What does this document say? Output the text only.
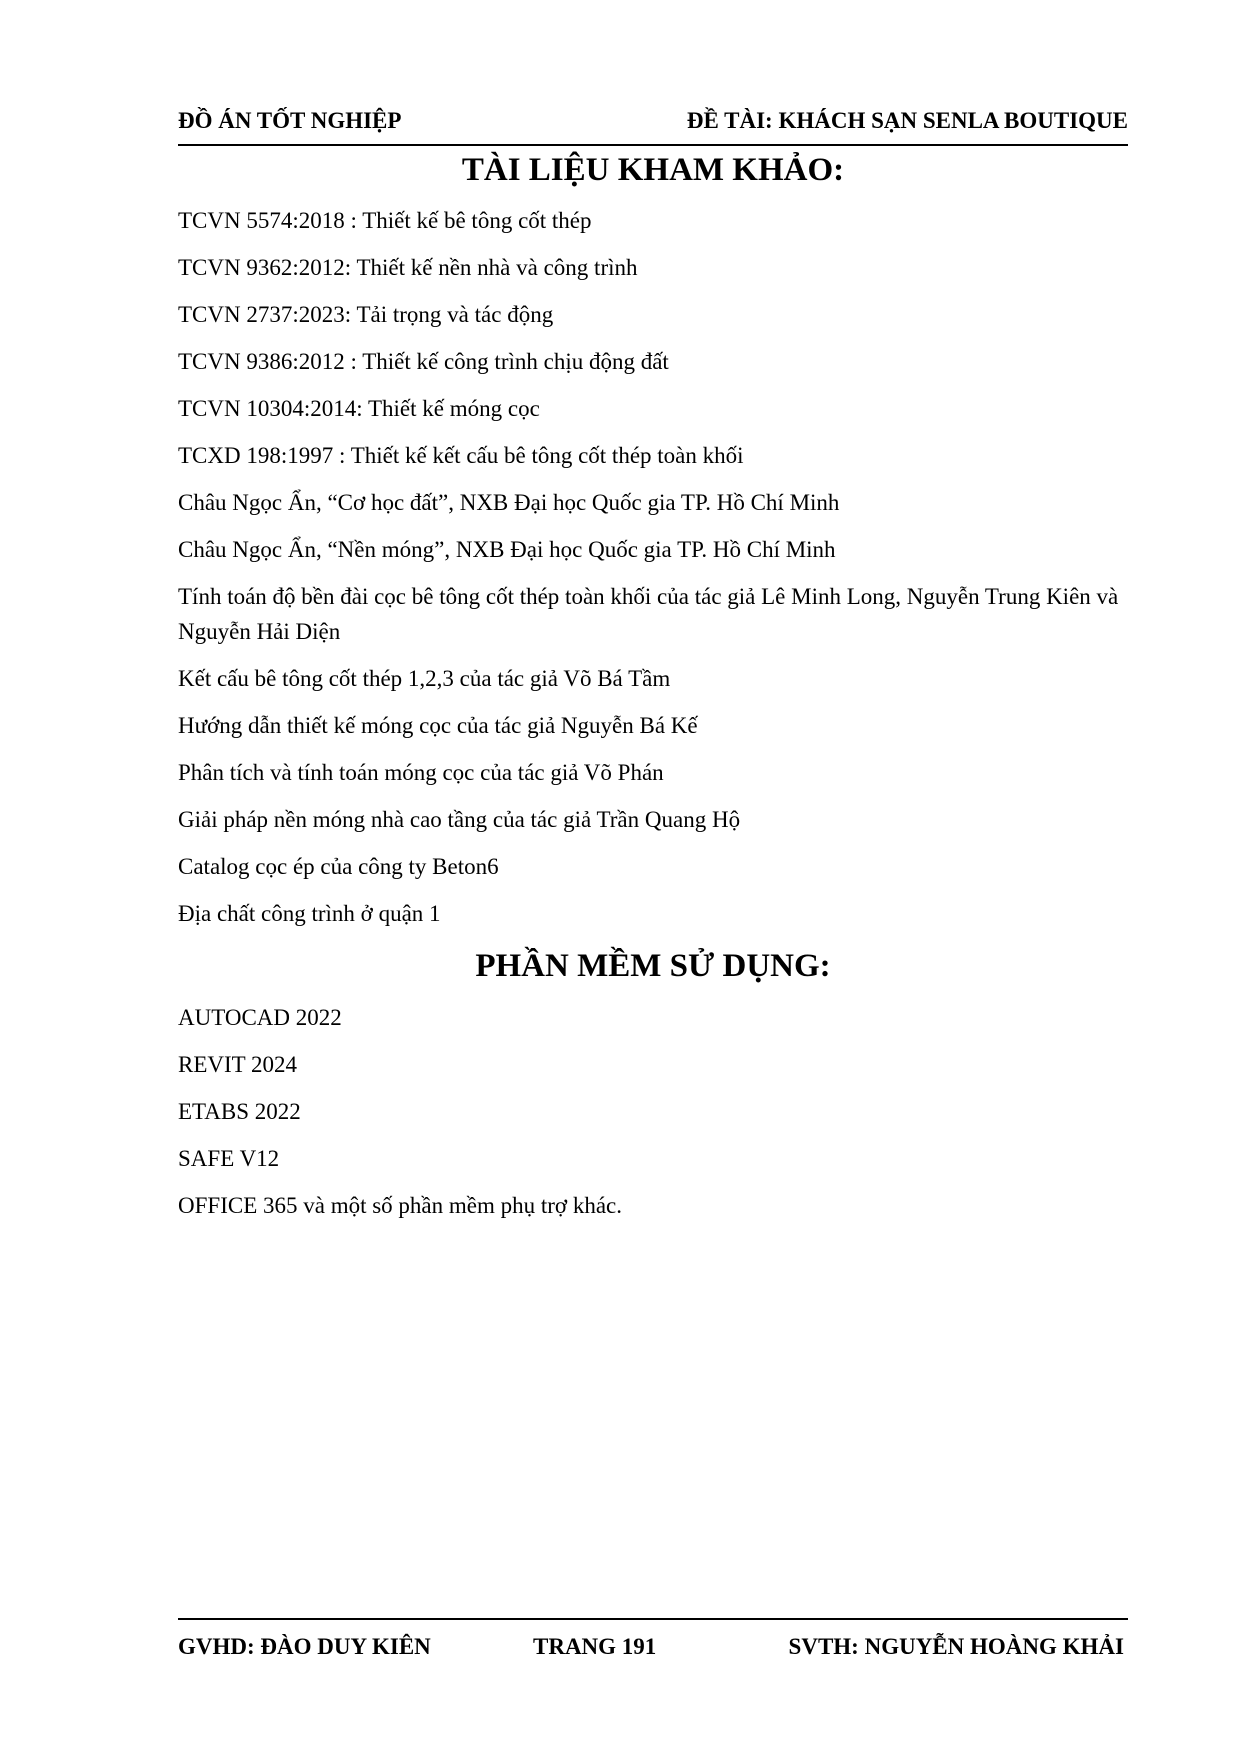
ĐỒ ÁN TỐT NGHIỆP	ĐỀ TÀI: KHÁCH SẠN SENLA BOUTIQUE
TÀI LIỆU KHAM KHẢO:
TCVN 5574:2018 : Thiết kế bê tông cốt thép
TCVN 9362:2012: Thiết kế nền nhà và công trình
TCVN 2737:2023: Tải trọng và tác động
TCVN 9386:2012 : Thiết kế công trình chịu động đất
TCVN 10304:2014: Thiết kế móng cọc
TCXD 198:1997 : Thiết kế kết cấu bê tông cốt thép toàn khối
Châu Ngọc Ẩn, “Cơ học đất”, NXB Đại học Quốc gia TP. Hồ Chí Minh
Châu Ngọc Ẩn, “Nền móng”, NXB Đại học Quốc gia TP. Hồ Chí Minh
Tính toán độ bền đài cọc bê tông cốt thép toàn khối của tác giả Lê Minh Long, Nguyễn Trung Kiên và Nguyễn Hải Diện
Kết cấu bê tông cốt thép 1,2,3 của tác giả Võ Bá Tầm
Hướng dẫn thiết kế móng cọc của tác giả Nguyễn Bá Kế
Phân tích và tính toán móng cọc của tác giả Võ Phán
Giải pháp nền móng nhà cao tầng của tác giả Trần Quang Hộ
Catalog cọc ép của công ty Beton6
Địa chất công trình ở quận 1
PHẦN MỀM SỬ DỤNG:
AUTOCAD 2022
REVIT 2024
ETABS 2022
SAFE V12
OFFICE 365 và một số phần mềm phụ trợ khác.
GVHD: ĐÀO DUY KIÊN	TRANG 191	SVTH: NGUYỄN HOÀNG KHẢI
